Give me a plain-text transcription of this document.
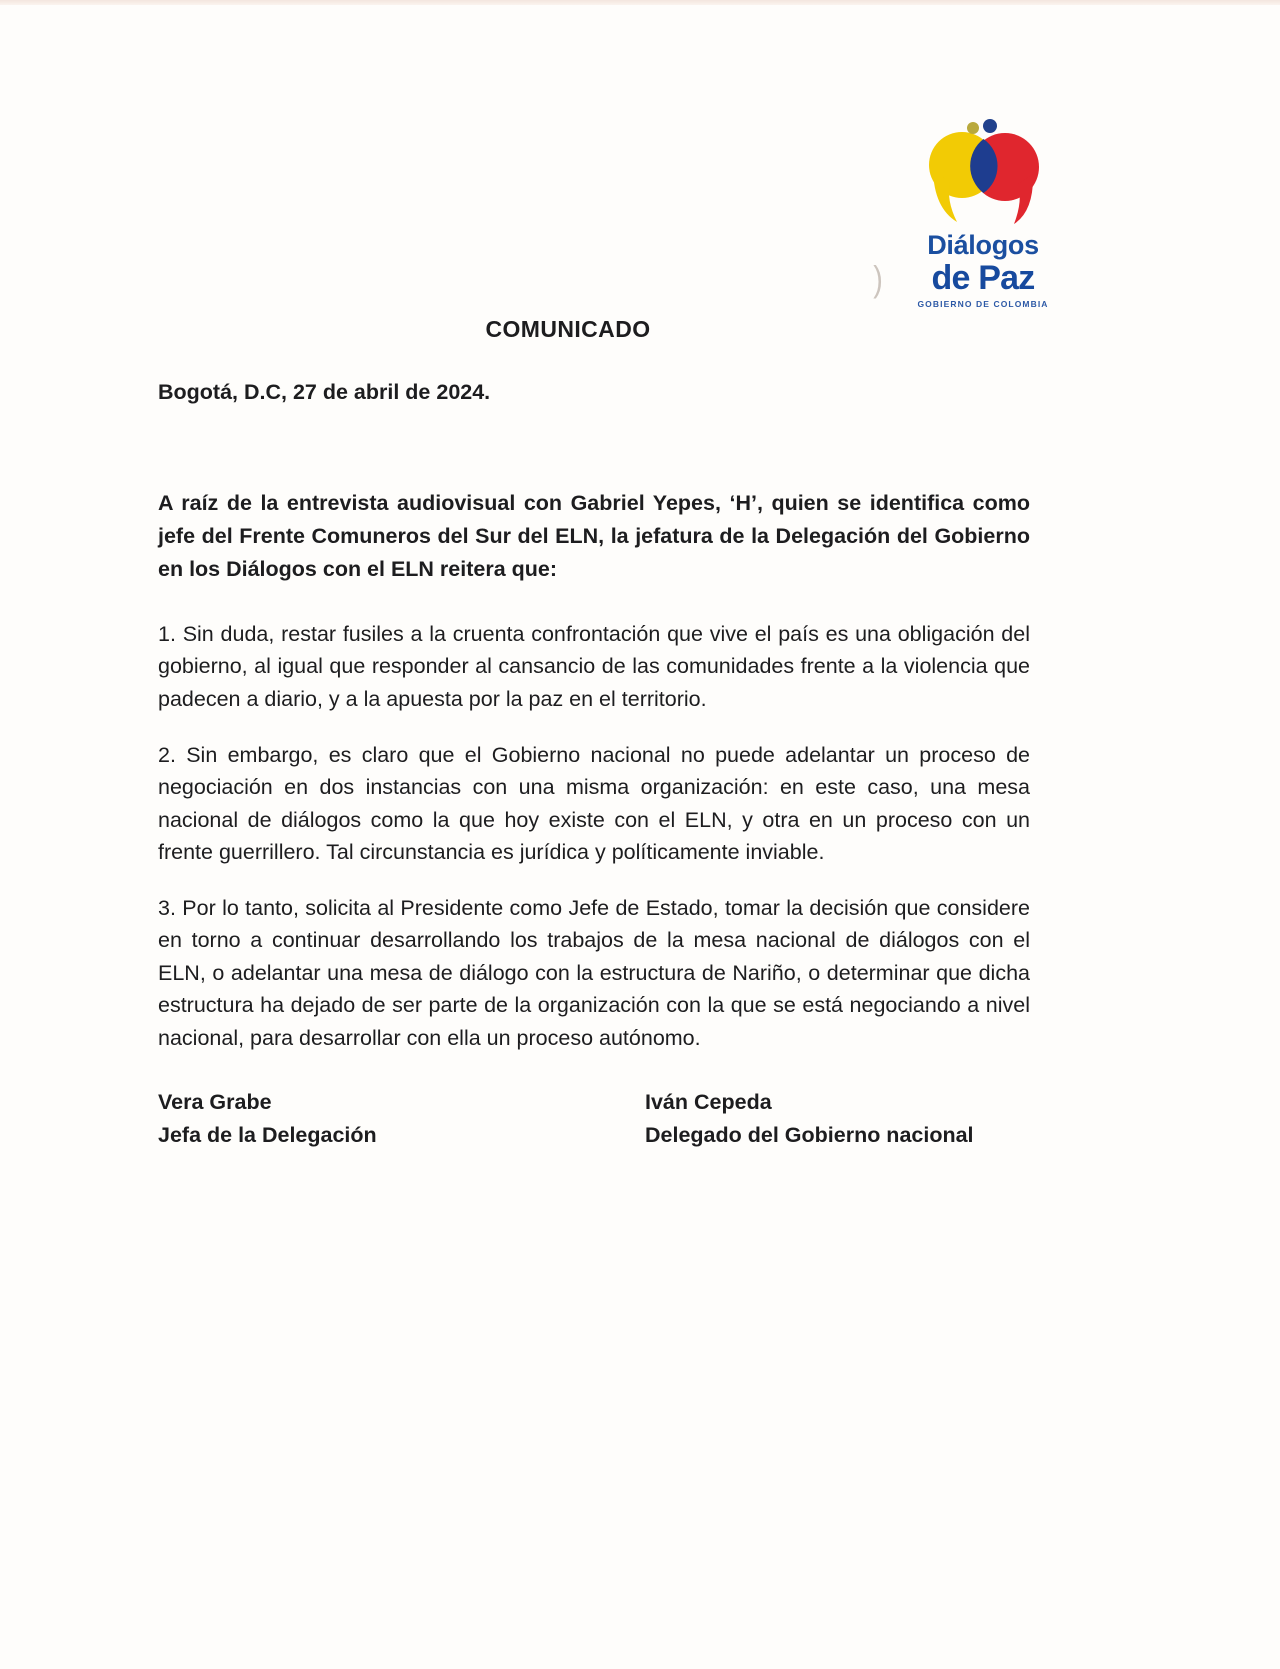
Diálogos
de Paz
GOBIERNO DE COLOMBIA
)
COMUNICADO
Bogotá, D.C, 27 de abril de 2024.

A raíz de la entrevista audiovisual con Gabriel Yepes, ‘H’, quien se identifica como jefe del Frente Comuneros del Sur del ELN, la jefatura de la Delegación del Gobierno en los Diálogos con el ELN reitera que:

1. Sin duda, restar fusiles a la cruenta confrontación que vive el país es una obligación del gobierno, al igual que responder al cansancio de las comunidades frente a la violencia que padecen a diario, y a la apuesta por la paz en el territorio.

2. Sin embargo, es claro que el Gobierno nacional no puede adelantar un proceso de negociación en dos instancias con una misma organización: en este caso, una mesa nacional de diálogos como la que hoy existe con el ELN, y otra en un proceso con un frente guerrillero. Tal circunstancia es jurídica y políticamente inviable.

3. Por lo tanto, solicita al Presidente como Jefe de Estado, tomar la decisión que considere en torno a continuar desarrollando los trabajos de la mesa nacional de diálogos con el ELN, o adelantar una mesa de diálogo con la estructura de Nariño, o determinar que dicha estructura ha dejado de ser parte de la organización con la que se está negociando a nivel nacional, para desarrollar con ella un proceso autónomo.

Vera Grabe
Jefa de la Delegación
Iván Cepeda
Delegado del Gobierno nacional
